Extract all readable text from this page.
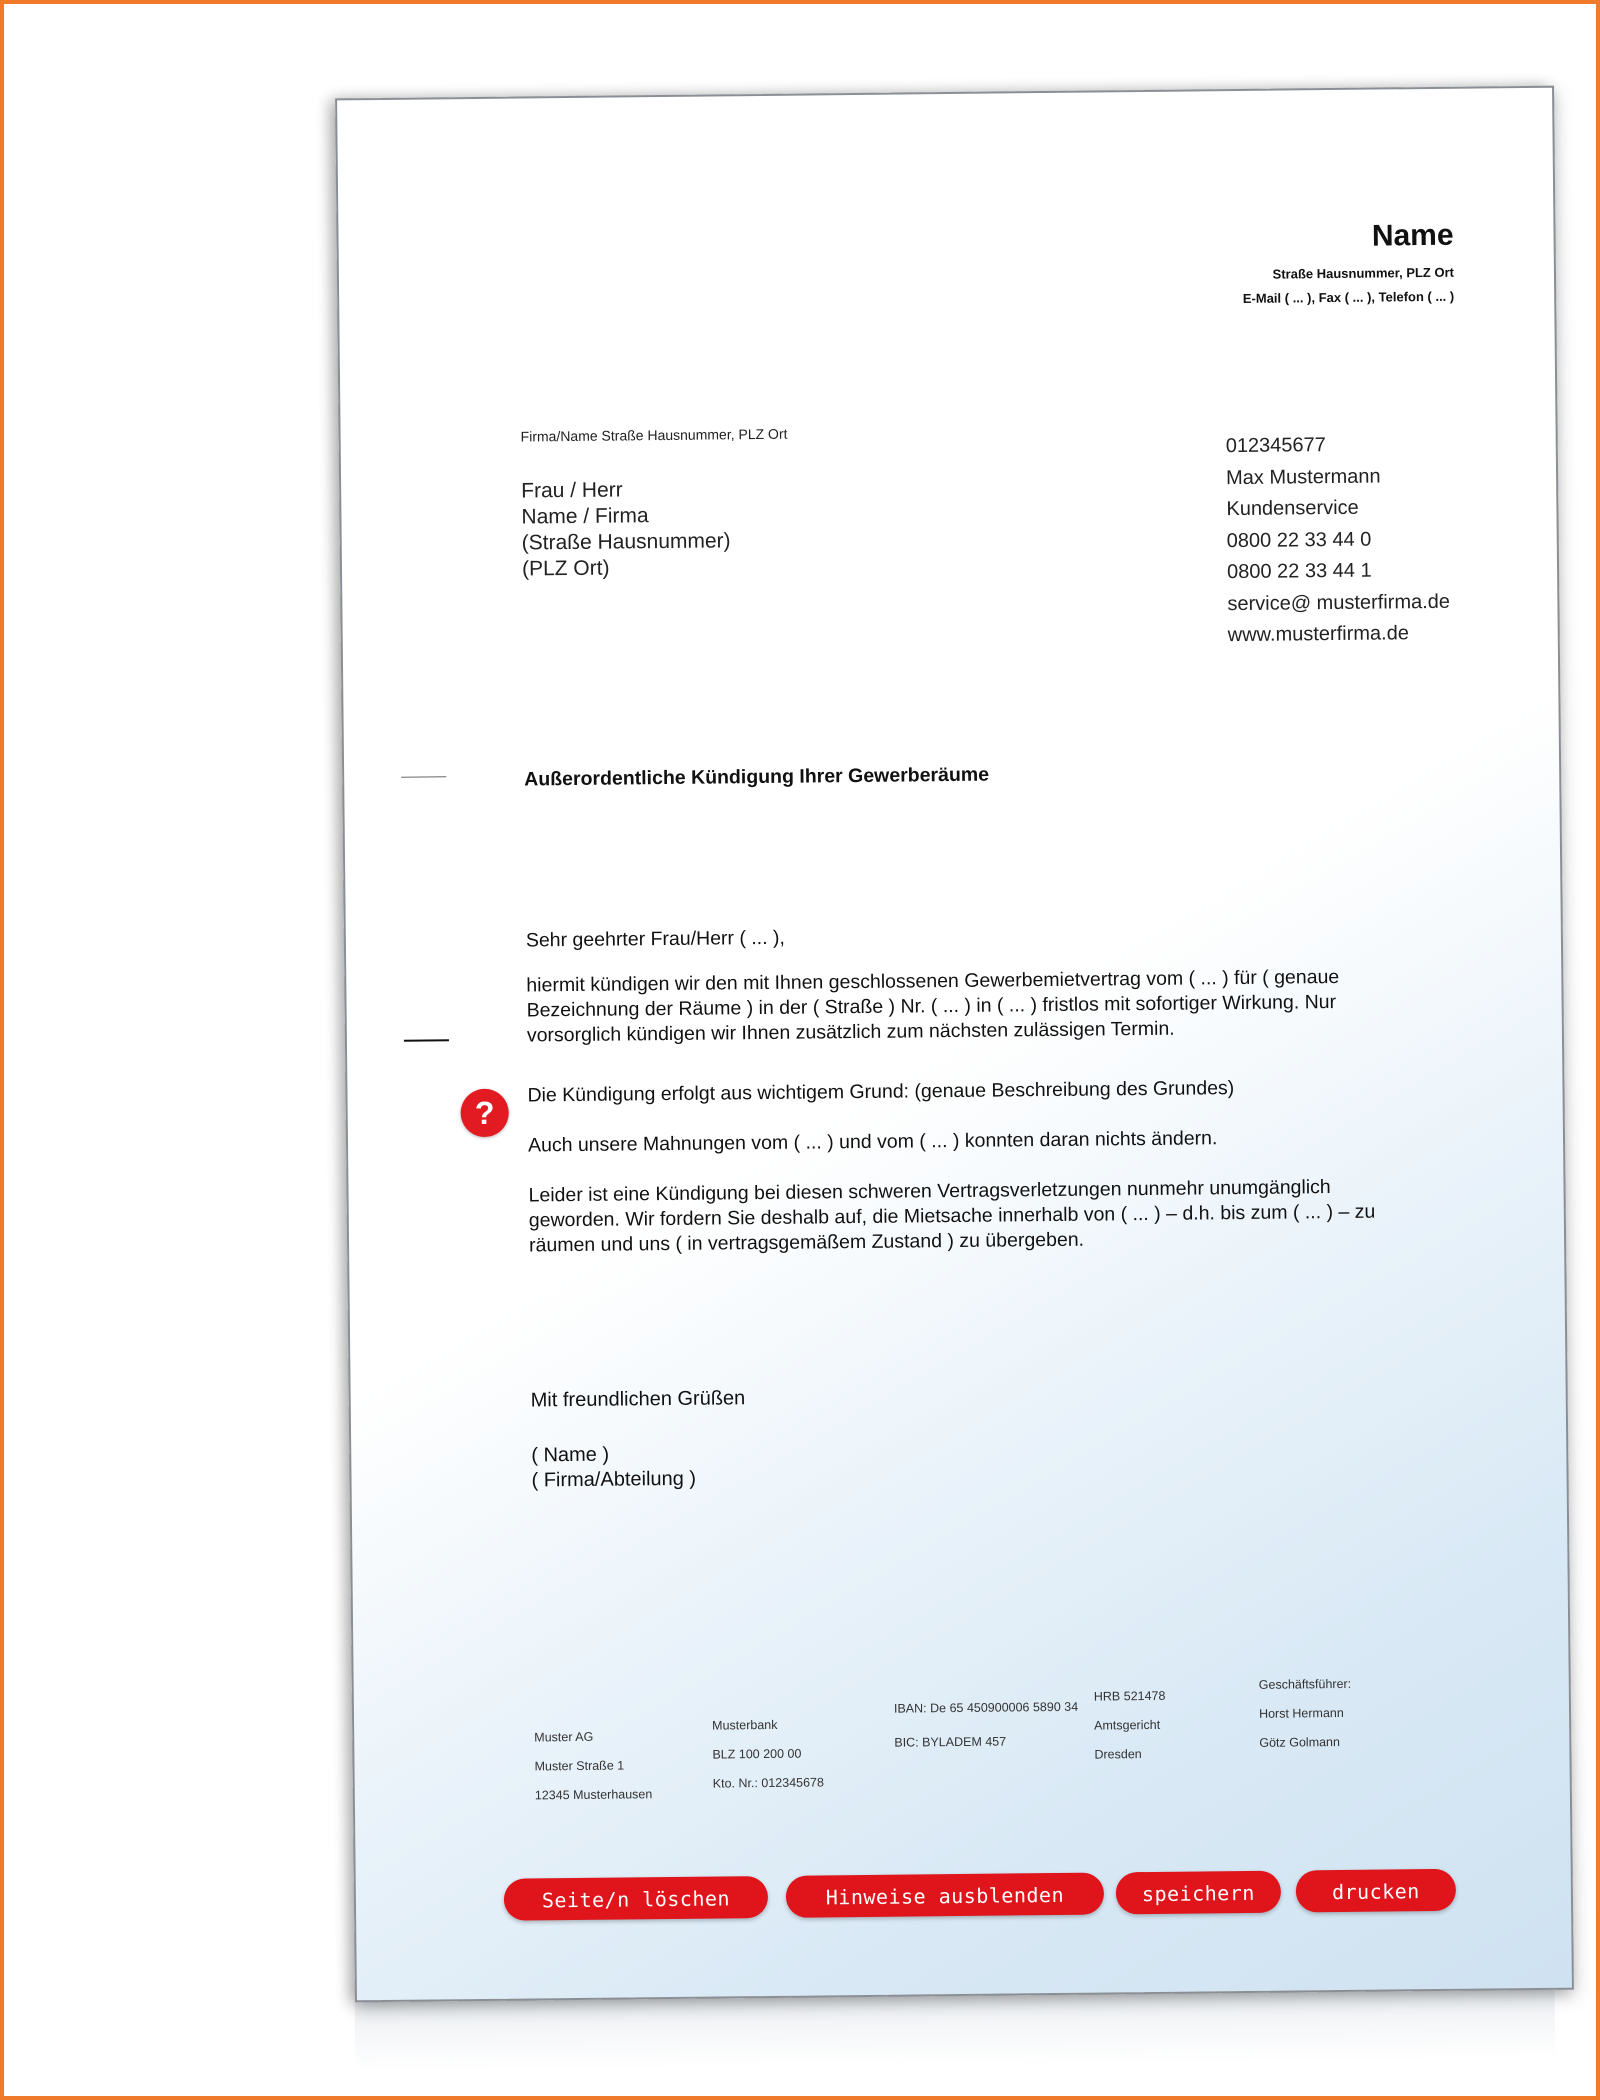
Name
Straße Hausnummer, PLZ Ort
E-Mail ( ... ), Fax ( ... ), Telefon ( ... )
Firma/Name Straße Hausnummer, PLZ Ort
Frau / Herr
Name / Firma
(Straße Hausnummer)
(PLZ Ort)
012345677
Max Mustermann
Kundenservice
0800 22 33 44 0
0800 22 33 44 1
service@ musterfirma.de
www.musterfirma.de
Außerordentliche Kündigung Ihrer Gewerberäume
Sehr geehrter Frau/Herr ( ... ),
hiermit kündigen wir den mit Ihnen geschlossenen Gewerbemietvertrag vom ( ... ) für ( genaue Bezeichnung der Räume ) in der ( Straße ) Nr. ( ... ) in ( ... ) fristlos mit sofortiger Wirkung. Nur vorsorglich kündigen wir Ihnen zusätzlich zum nächsten zulässigen Termin.
Die Kündigung erfolgt aus wichtigem Grund: (genaue Beschreibung des Grundes)
Auch unsere Mahnungen vom ( ... ) und vom ( ... ) konnten daran nichts ändern.
Leider ist eine Kündigung bei diesen schweren Vertragsverletzungen nunmehr unumgänglich geworden. Wir fordern Sie deshalb auf, die Mietsache innerhalb von ( ... ) – d.h. bis zum ( ... ) – zu räumen und uns ( in vertragsgemäßem Zustand ) zu übergeben.
?
Mit freundlichen Grüßen
( Name )
( Firma/Abteilung )
Muster AG
Muster Straße 1
12345 Musterhausen
Musterbank
BLZ 100 200 00
Kto. Nr.: 012345678
IBAN: De 65 450900006 5890 34
BIC: BYLADEM 457
HRB 521478
Amtsgericht
Dresden
Geschäftsführer:
Horst Hermann
Götz Golmann
Seite/n löschen	Hinweise ausblenden	speichern	drucken
